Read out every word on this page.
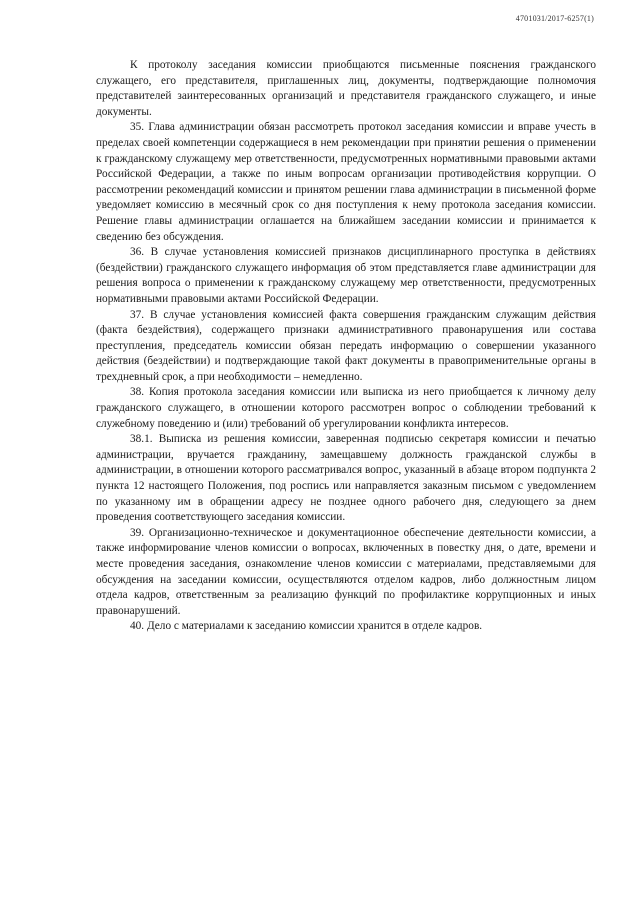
4701031/2017-6257(1)

К протоколу заседания комиссии приобщаются письменные пояснения гражданского служащего, его представителя, приглашенных лиц, документы, подтверждающие полномочия представителей заинтересованных организаций и представителя гражданского служащего, и иные документы.

35. Глава администрации обязан рассмотреть протокол заседания комиссии и вправе учесть в пределах своей компетенции содержащиеся в нем рекомендации при принятии решения о применении к гражданскому служащему мер ответственности, предусмотренных нормативными правовыми актами Российской Федерации, а также по иным вопросам организации противодействия коррупции. О рассмотрении рекомендаций комиссии и принятом решении глава администрации в письменной форме уведомляет комиссию в месячный срок со дня поступления к нему протокола заседания комиссии. Решение главы администрации оглашается на ближайшем заседании комиссии и принимается к сведению без обсуждения.

36. В случае установления комиссией признаков дисциплинарного проступка в действиях (бездействии) гражданского служащего информация об этом представляется главе администрации для решения вопроса о применении к гражданскому служащему мер ответственности, предусмотренных нормативными правовыми актами Российской Федерации.

37. В случае установления комиссией факта совершения гражданским служащим действия (факта бездействия), содержащего признаки административного правонарушения или состава преступления, председатель комиссии обязан передать информацию о совершении указанного действия (бездействии) и подтверждающие такой факт документы в правоприменительные органы в трехдневный срок, а при необходимости – немедленно.

38. Копия протокола заседания комиссии или выписка из него приобщается к личному делу гражданского служащего, в отношении которого рассмотрен вопрос о соблюдении требований к служебному поведению и (или) требований об урегулировании конфликта интересов.

38.1. Выписка из решения комиссии, заверенная подписью секретаря комиссии и печатью администрации, вручается гражданину, замещавшему должность гражданской службы в администрации, в отношении которого рассматривался вопрос, указанный в абзаце втором подпункта 2 пункта 12 настоящего Положения, под роспись или направляется заказным письмом с уведомлением по указанному им в обращении адресу не позднее одного рабочего дня, следующего за днем проведения соответствующего заседания комиссии.

39. Организационно-техническое и документационное обеспечение деятельности комиссии, а также информирование членов комиссии о вопросах, включенных в повестку дня, о дате, времени и месте проведения заседания, ознакомление членов комиссии с материалами, представляемыми для обсуждения на заседании комиссии, осуществляются отделом кадров, либо должностным лицом отдела кадров, ответственным за реализацию функций по профилактике коррупционных и иных правонарушений.

40. Дело с материалами к заседанию комиссии хранится в отделе кадров.
